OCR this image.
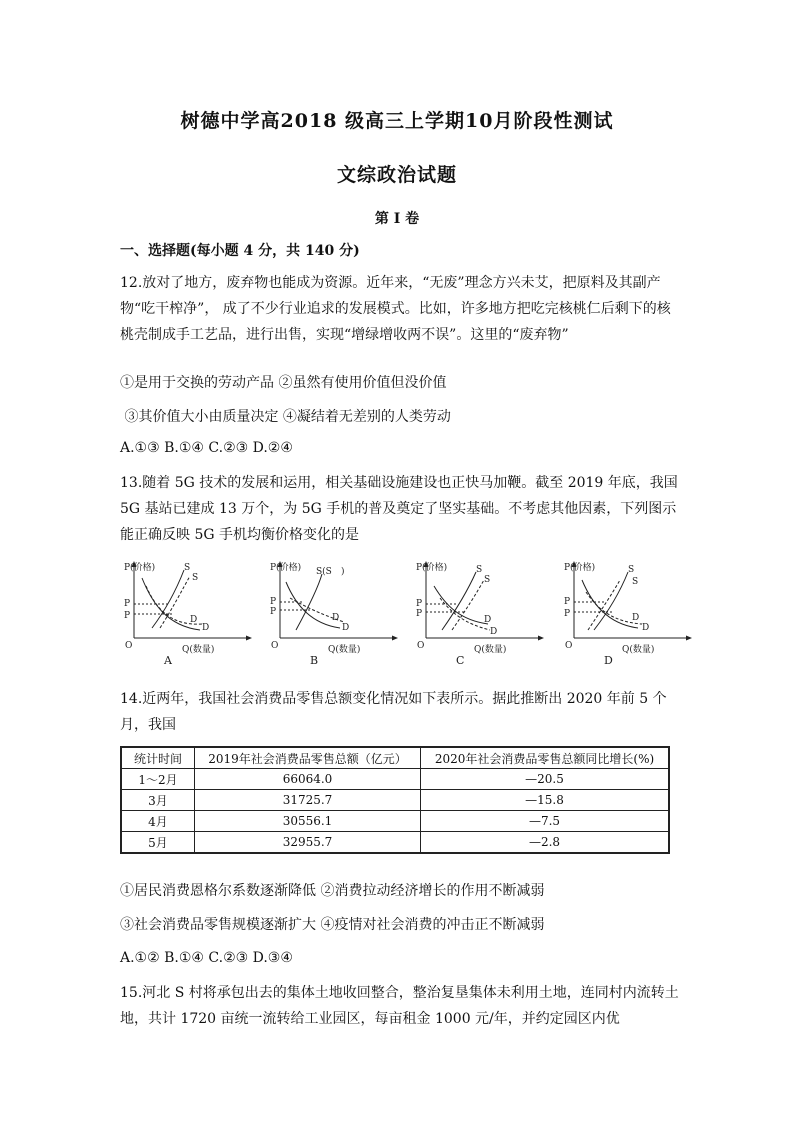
树德中学高2018 级高三上学期10月阶段性测试
文综政治试题
第 I 卷
一、选择题(每小题 4 分，共 140 分)

12.放对了地方，废弃物也能成为资源。近年来，“无废”理念方兴未艾，把原料及其副产物“吃干榨净”， 成了不少行业追求的发展模式。比如，许多地方把吃完核桃仁后剩下的核桃壳制成手工艺品，进行出售，实现“增绿增收两不误”。这里的“废弃物”

①是用于交换的劳动产品 ②虽然有使用价值但没价值
③其价值大小由质量决定 ④凝结着无差别的人类劳动
A.①③ B.①④ C.②③ D.②④

13.随着 5G 技术的发展和运用，相关基础设施建设也正快马加鞭。截至 2019 年底，我国 5G 基站已建成 13 万个，为 5G 手机的普及奠定了坚实基础。不考虑其他因素，下列图示能正确反映 5G 手机均衡价格变化的是

P(价格)
Q(数量)
O
S
S
D
D
P
P
A
P(价格)
Q(数量)
O
S(S )
D
D
P
P
B
P(价格)
Q(数量)
O
S
S
D
D
P
P
C
P(价格)
Q(数量)
O
S
S
D
D
P
P
D

14.近两年，我国社会消费品零售总额变化情况如下表所示。据此推断出 2020 年前 5 个月，我国

统计时间	2019年社会消费品零售总额（亿元）	2020年社会消费品零售总额同比增长(%)
1～2月	66064.0	—20.5
3月	31725.7	—15.8
4月	30556.1	—7.5
5月	32955.7	—2.8
①居民消费恩格尔系数逐渐降低 ②消费拉动经济增长的作用不断减弱
③社会消费品零售规模逐渐扩大 ④疫情对社会消费的冲击正不断减弱
A.①② B.①④ C.②③ D.③④

15.河北 S 村将承包出去的集体土地收回整合，整治复垦集体未利用土地，连同村内流转土地，共计 1720 亩统一流转给工业园区，每亩租金 1000 元/年，并约定园区内优
